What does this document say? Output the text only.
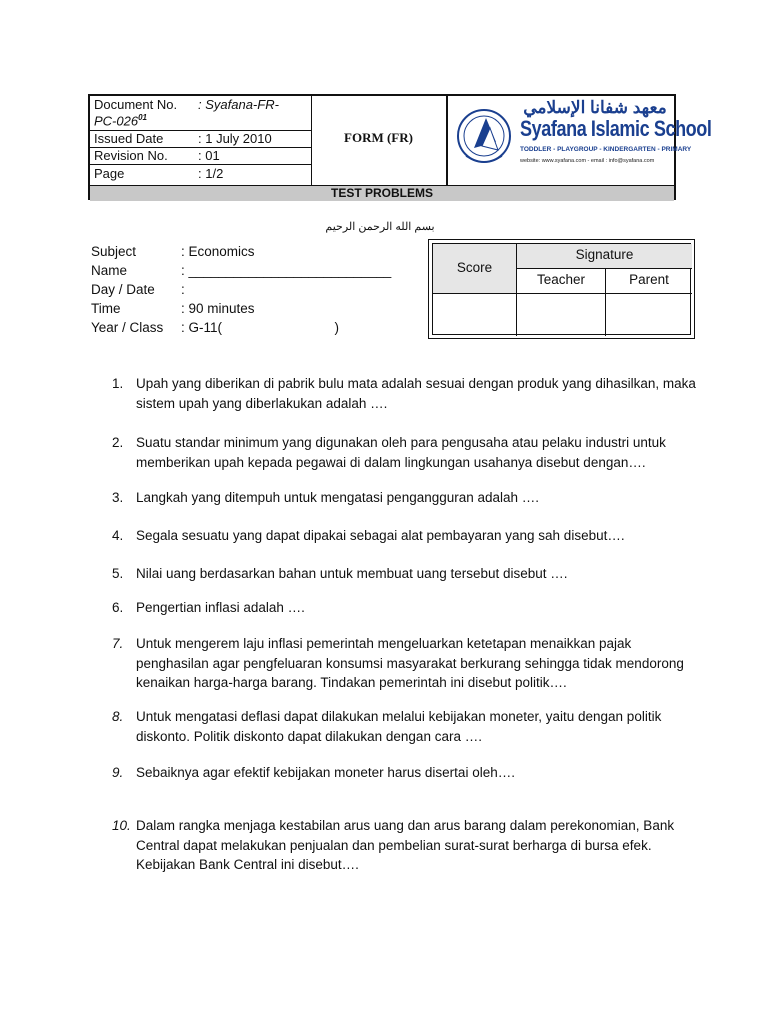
Document No. : Syafana-FR-
$PC-026^{01}$
Issued Date	: 1 July 2010
Revision No. : 01
Page	: 1/2
FORM (FR)
معهد شفانا الإسلامي
Syafana Islamic School
TODDLER - PLAYGROUP - KINDERGARTEN - PRIMARY
website: www.syafana.com - email : info@syafana.com
TEST PROBLEMS
بسم الله الرحمن الرحيم
Subject	: Economics
Name	: ___________________________
Day / Date :
Time	: 90 minutes
Year / Class : G-11(                              )
Score
Signature
Teacher	Parent
1. Upah yang diberikan di pabrik bulu mata adalah sesuai dengan produk yang dihasilkan, maka sistem upah yang diberlakukan adalah ….
2. Suatu standar minimum yang digunakan oleh para pengusaha atau pelaku industri untuk memberikan upah kepada pegawai di dalam lingkungan usahanya disebut dengan….
3. Langkah yang ditempuh untuk mengatasi pengangguran adalah ….
4. Segala sesuatu yang dapat dipakai sebagai alat pembayaran yang sah disebut….
5. Nilai uang berdasarkan bahan untuk membuat uang tersebut disebut ….
6. Pengertian inflasi adalah ….
7. Untuk mengerem laju inflasi pemerintah mengeluarkan ketetapan menaikkan pajak penghasilan agar pengfeluaran konsumsi masyarakat berkurang sehingga tidak mendorong kenaikan harga-harga barang. Tindakan pemerintah ini disebut politik….
8. Untuk mengatasi deflasi dapat dilakukan melalui kebijakan moneter, yaitu dengan politik diskonto. Politik diskonto dapat dilakukan dengan cara ….
9. Sebaiknya agar efektif kebijakan moneter harus disertai oleh….
10. Dalam rangka menjaga kestabilan arus uang dan arus barang dalam perekonomian, Bank Central dapat melakukan penjualan dan pembelian surat-surat berharga di bursa efek. Kebijakan Bank Central ini disebut….
